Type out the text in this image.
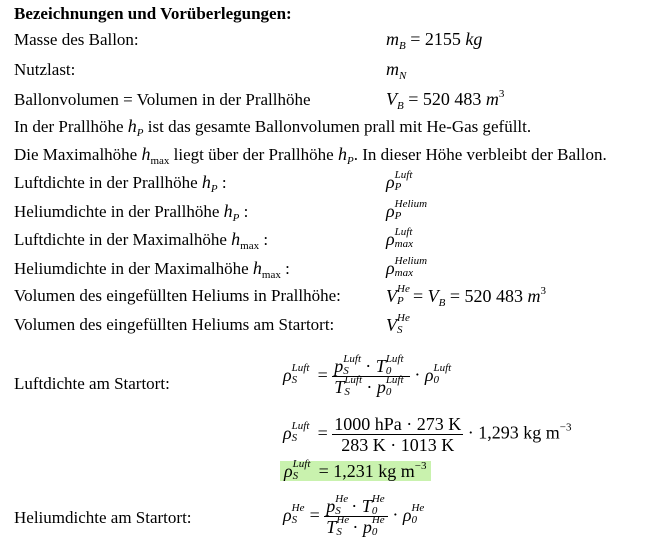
Bezeichnungen und Vorüberlegungen:
Masse des Ballon:	$m_B = 2155$ kg
Nutzlast:	$m_N$
Ballonvolumen = Volumen in der Prallhöhe	$V_B = 520$ 483 $m^3$
In der Prallhöhe $h_P$ ist das gesamte Ballonvolumen prall mit He-Gas gefüllt.
Die Maximalhöhe $h_{max}$ liegt über der Prallhöhe $h_P$. In dieser Höhe verbleibt der Ballon.
Luftdichte in der Prallhöhe $h_P$ :	ρ Luft
P
Heliumdichte in der Prallhöhe $h_P$ :	ρ Helium
P
Luftdichte in der Maximalhöhe $h_{max}$ :	ρ Luft
max
Heliumdichte in der Maximalhöhe $h_{max}$ :	ρ Helium
max
Volumen des eingefüllten Heliums in Prallhöhe:	V He
$P = V_B = 520$ 483 $m^3$
Volumen des eingefüllten Heliums am Startort:	V He
S
Luftdichte am Startort:	ρ Luft
S = p Luft
S · T Luft
0
T Luft
S · p Luft
0 · ρ Luft
0
ρ Luft
$S = \frac{\text{1000 hPa · 273 K}}{283 K \cdot 1013 K} \cdot 1,293$ kg $m^{-3}$
ρ Luft
S = 1,231 kg $m^{-3}$
Heliumdichte am Startort:	ρ He
S = p He
S · T He
0
T He
S · p He
0 · ρ He
0
